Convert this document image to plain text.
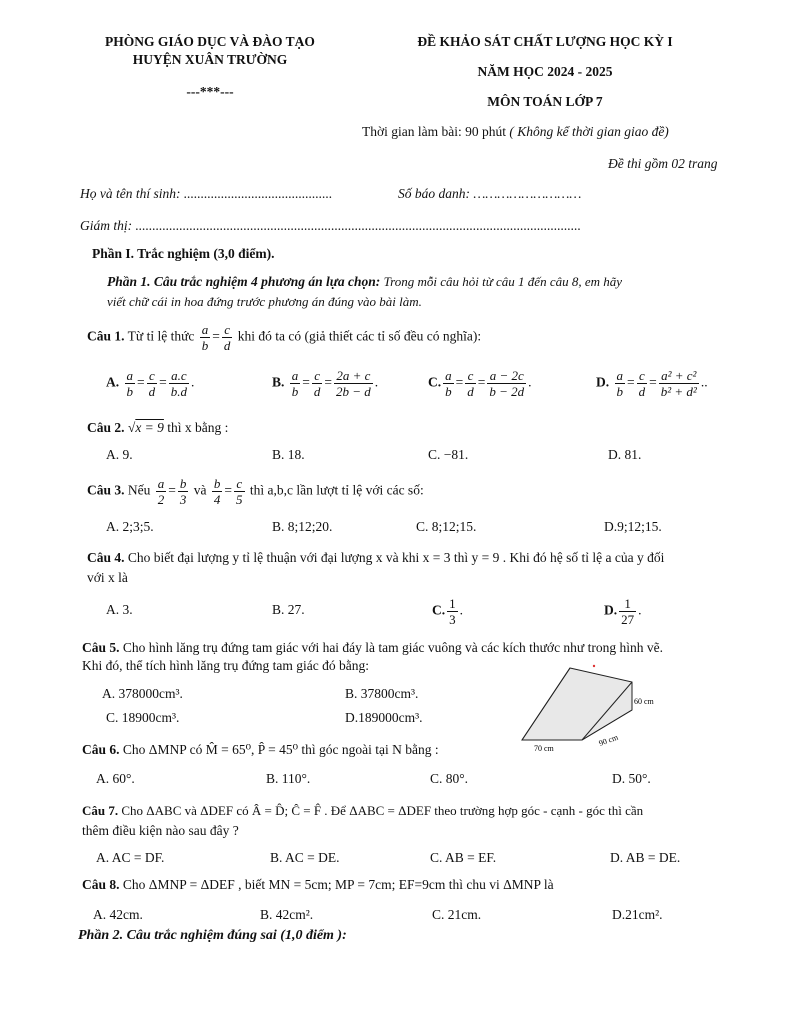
PHÒNG GIÁO DỤC VÀ ĐÀO TẠO
HUYỆN XUÂN TRƯỜNG
---***---
ĐỀ KHẢO SÁT CHẤT LƯỢNG HỌC KỲ I
NĂM HỌC 2024 - 2025
MÔN TOÁN LỚP 7
Thời gian làm bài: 90 phút ( Không kể thời gian giao đề)
Đề thi gồm 02 trang
Họ và tên thí sinh: ............................................	Số báo danh: ………………………
Giám thị: ....................................................................................................................................
Phần I. Trắc nghiệm (3,0 điểm).
Phần 1. Câu trắc nghiệm 4 phương án lựa chọn: Trong mỗi câu hỏi từ câu 1 đến câu 8, em hãy
viết chữ cái in hoa đứng trước phương án đúng vào bài làm.
Câu 1. Từ tỉ lệ thức $\frac{a}{b} = \frac{c}{d}$ khi đó ta có (giả thiết các tỉ số đều có nghĩa):
A. $\frac{a}{b} = \frac{c}{d} = \frac{a.c}{b.d}$ .	B. $\frac{a}{b} = \frac{c}{d} = \frac{2a + c}{2b - d}$ .	C. $\frac{a}{b} = \frac{c}{d} = \frac{a - 2c}{b - 2d}$ .	D. $\frac{a}{b} = \frac{c}{d} = \frac{\text{a² + c²}}{\text{b² + d²}}$ ..
Câu 2. √x = 9 thì x bằng :
A. 9.	B. 18.	C. −81.	D. 81.
Câu 3. Nếu $\frac{a}{2} = \frac{b}{3}$ và $\frac{b}{4} = \frac{c}{5}$ thì a,b,c lần lượt tỉ lệ với các số:
A. 2;3;5.	B. 8;12;20.	C. 8;12;15.	D.9;12;15.
Câu 4. Cho biết đại lượng y tỉ lệ thuận với đại lượng x và khi x = 3 thì y = 9 . Khi đó hệ số tỉ lệ a của y đối
với x là
A. 3.	B. 27.	C. $\frac{1}{3}$ .	D. $\frac{1}{27}$ .
Câu 5. Cho hình lăng trụ đứng tam giác với hai đáy là tam giác vuông và các kích thước như trong hình vẽ.
Khi đó, thể tích hình lăng trụ đứng tam giác đó bằng:
A. 378000cm³.	B. 37800cm³.
C. 18900cm³.	D.189000cm³.
60 cm
70 cm
90 cm
Câu 6. Cho ΔMNP có M̂ = 65⁰, P̂ = 45⁰ thì góc ngoài tại N bằng :
A. 60°.	B. 110°.	C. 80°.	D. 50°.
Câu 7. Cho ΔABC và ΔDEF có Â = D̂; Ĉ = F̂ . Để ΔABC = ΔDEF theo trường hợp góc - cạnh - góc thì cần
thêm điều kiện nào sau đây ?
A. AC = DF.	B. AC = DE.	C. AB = EF.	D. AB = DE.
Câu 8. Cho ΔMNP = ΔDEF , biết MN = 5cm; MP = 7cm; EF=9cm thì chu vi ΔMNP là
A. 42cm.	B. 42cm².	C. 21cm.	D.21cm².
Phần 2. Câu trắc nghiệm đúng sai (1,0 điểm ):
